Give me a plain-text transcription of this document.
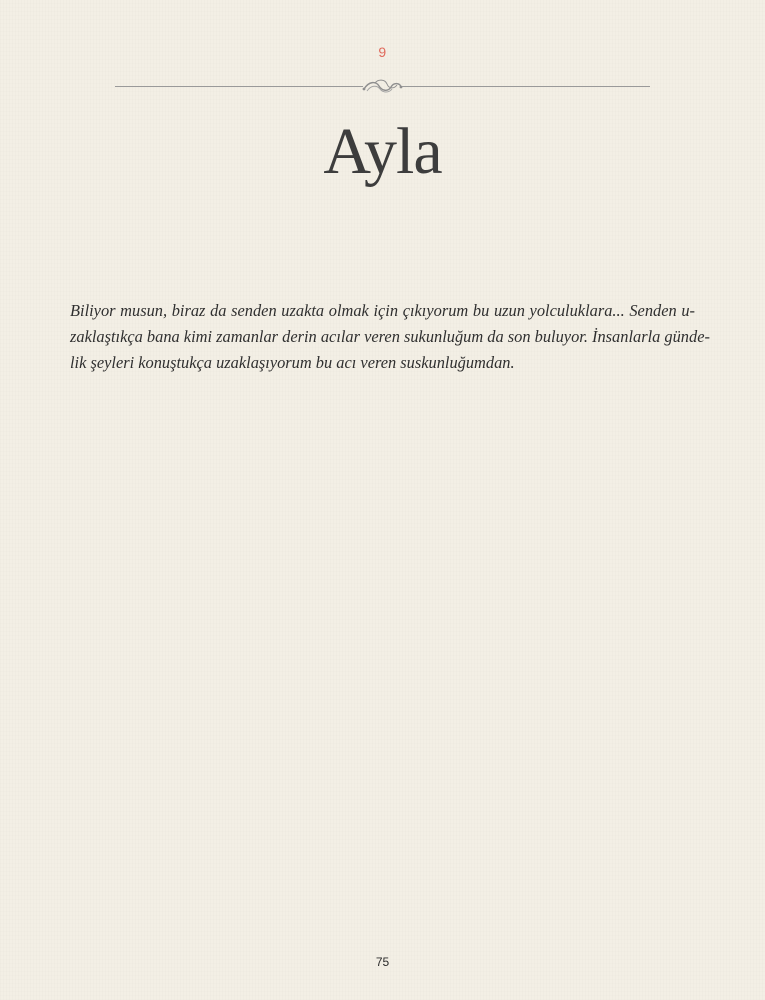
9
Ayla
Biliyor musun, biraz da senden uzakta olmak için çıkıyorum bu uzun yolculuklara... Senden u-
zaklaştıkça bana kimi zamanlar derin acılar veren sukunluğum da son buluyor. İnsanlarla günde-
lik şeyleri konuştukça uzaklaşıyorum bu acı veren suskunluğumdan.
75
